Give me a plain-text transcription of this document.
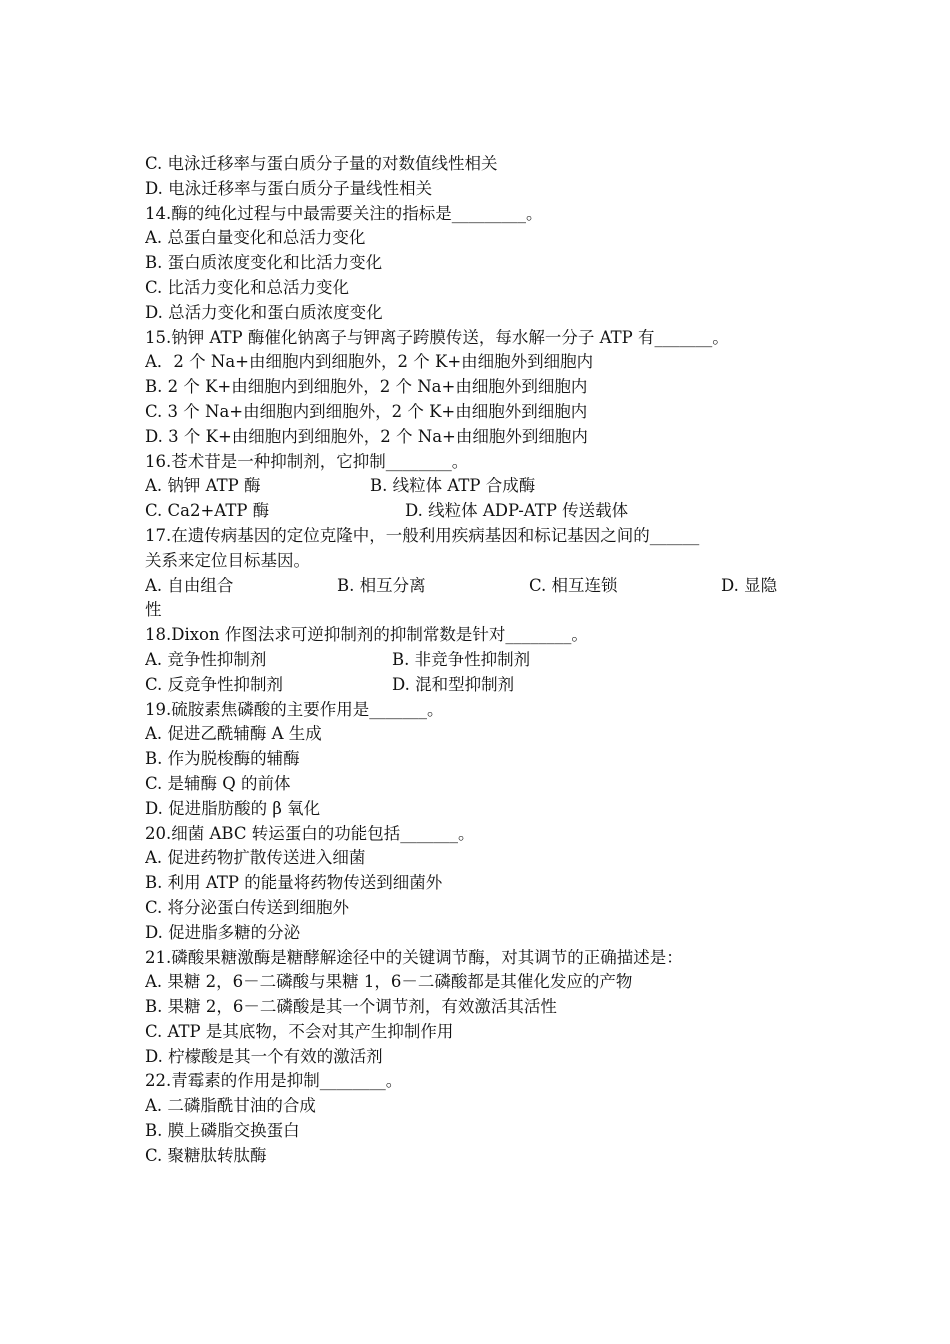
C. 电泳迁移率与蛋白质分子量的对数值线性相关
D. 电泳迁移率与蛋白质分子量线性相关
14.酶的纯化过程与中最需要关注的指标是_________。
A. 总蛋白量变化和总活力变化
B. 蛋白质浓度变化和比活力变化
C. 比活力变化和总活力变化
D. 总活力变化和蛋白质浓度变化
15.钠钾 ATP 酶催化钠离子与钾离子跨膜传送，每水解一分子 ATP 有_______。
A．2 个 Na+由细胞内到细胞外，2 个 K+由细胞外到细胞内
B. 2 个 K+由细胞内到细胞外，2 个 Na+由细胞外到细胞内
C. 3 个 Na+由细胞内到细胞外，2 个 K+由细胞外到细胞内
D. 3 个 K+由细胞内到细胞外，2 个 Na+由细胞外到细胞内
16.苍术苷是一种抑制剂，它抑制________。
A. 钠钾 ATP 酶	B. 线粒体 ATP 合成酶
C. Ca2+ATP 酶	D. 线粒体 ADP-ATP 传送载体
17.在遗传病基因的定位克隆中，一般利用疾病基因和标记基因之间的______
关系来定位目标基因。
A. 自由组合	B. 相互分离	C. 相互连锁	D. 显隐
性
18.Dixon 作图法求可逆抑制剂的抑制常数是针对________。
A. 竞争性抑制剂	B. 非竞争性抑制剂
C. 反竞争性抑制剂	D. 混和型抑制剂
19.硫胺素焦磷酸的主要作用是_______。
A. 促进乙酰辅酶 A 生成
B. 作为脱梭酶的辅酶
C. 是辅酶 Q 的前体
D. 促进脂肪酸的 β 氧化
20.细菌 ABC 转运蛋白的功能包括_______。
A. 促进药物扩散传送进入细菌
B. 利用 ATP 的能量将药物传送到细菌外
C. 将分泌蛋白传送到细胞外
D. 促进脂多糖的分泌
21.磷酸果糖激酶是糖酵解途径中的关键调节酶，对其调节的正确描述是：
A. 果糖 2，6－二磷酸与果糖 1，6－二磷酸都是其催化发应的产物
B. 果糖 2，6－二磷酸是其一个调节剂，有效激活其活性
C. ATP 是其底物，不会对其产生抑制作用
D. 柠檬酸是其一个有效的激活剂
22.青霉素的作用是抑制________。
A. 二磷脂酰甘油的合成
B. 膜上磷脂交换蛋白
C. 聚糖肽转肽酶
